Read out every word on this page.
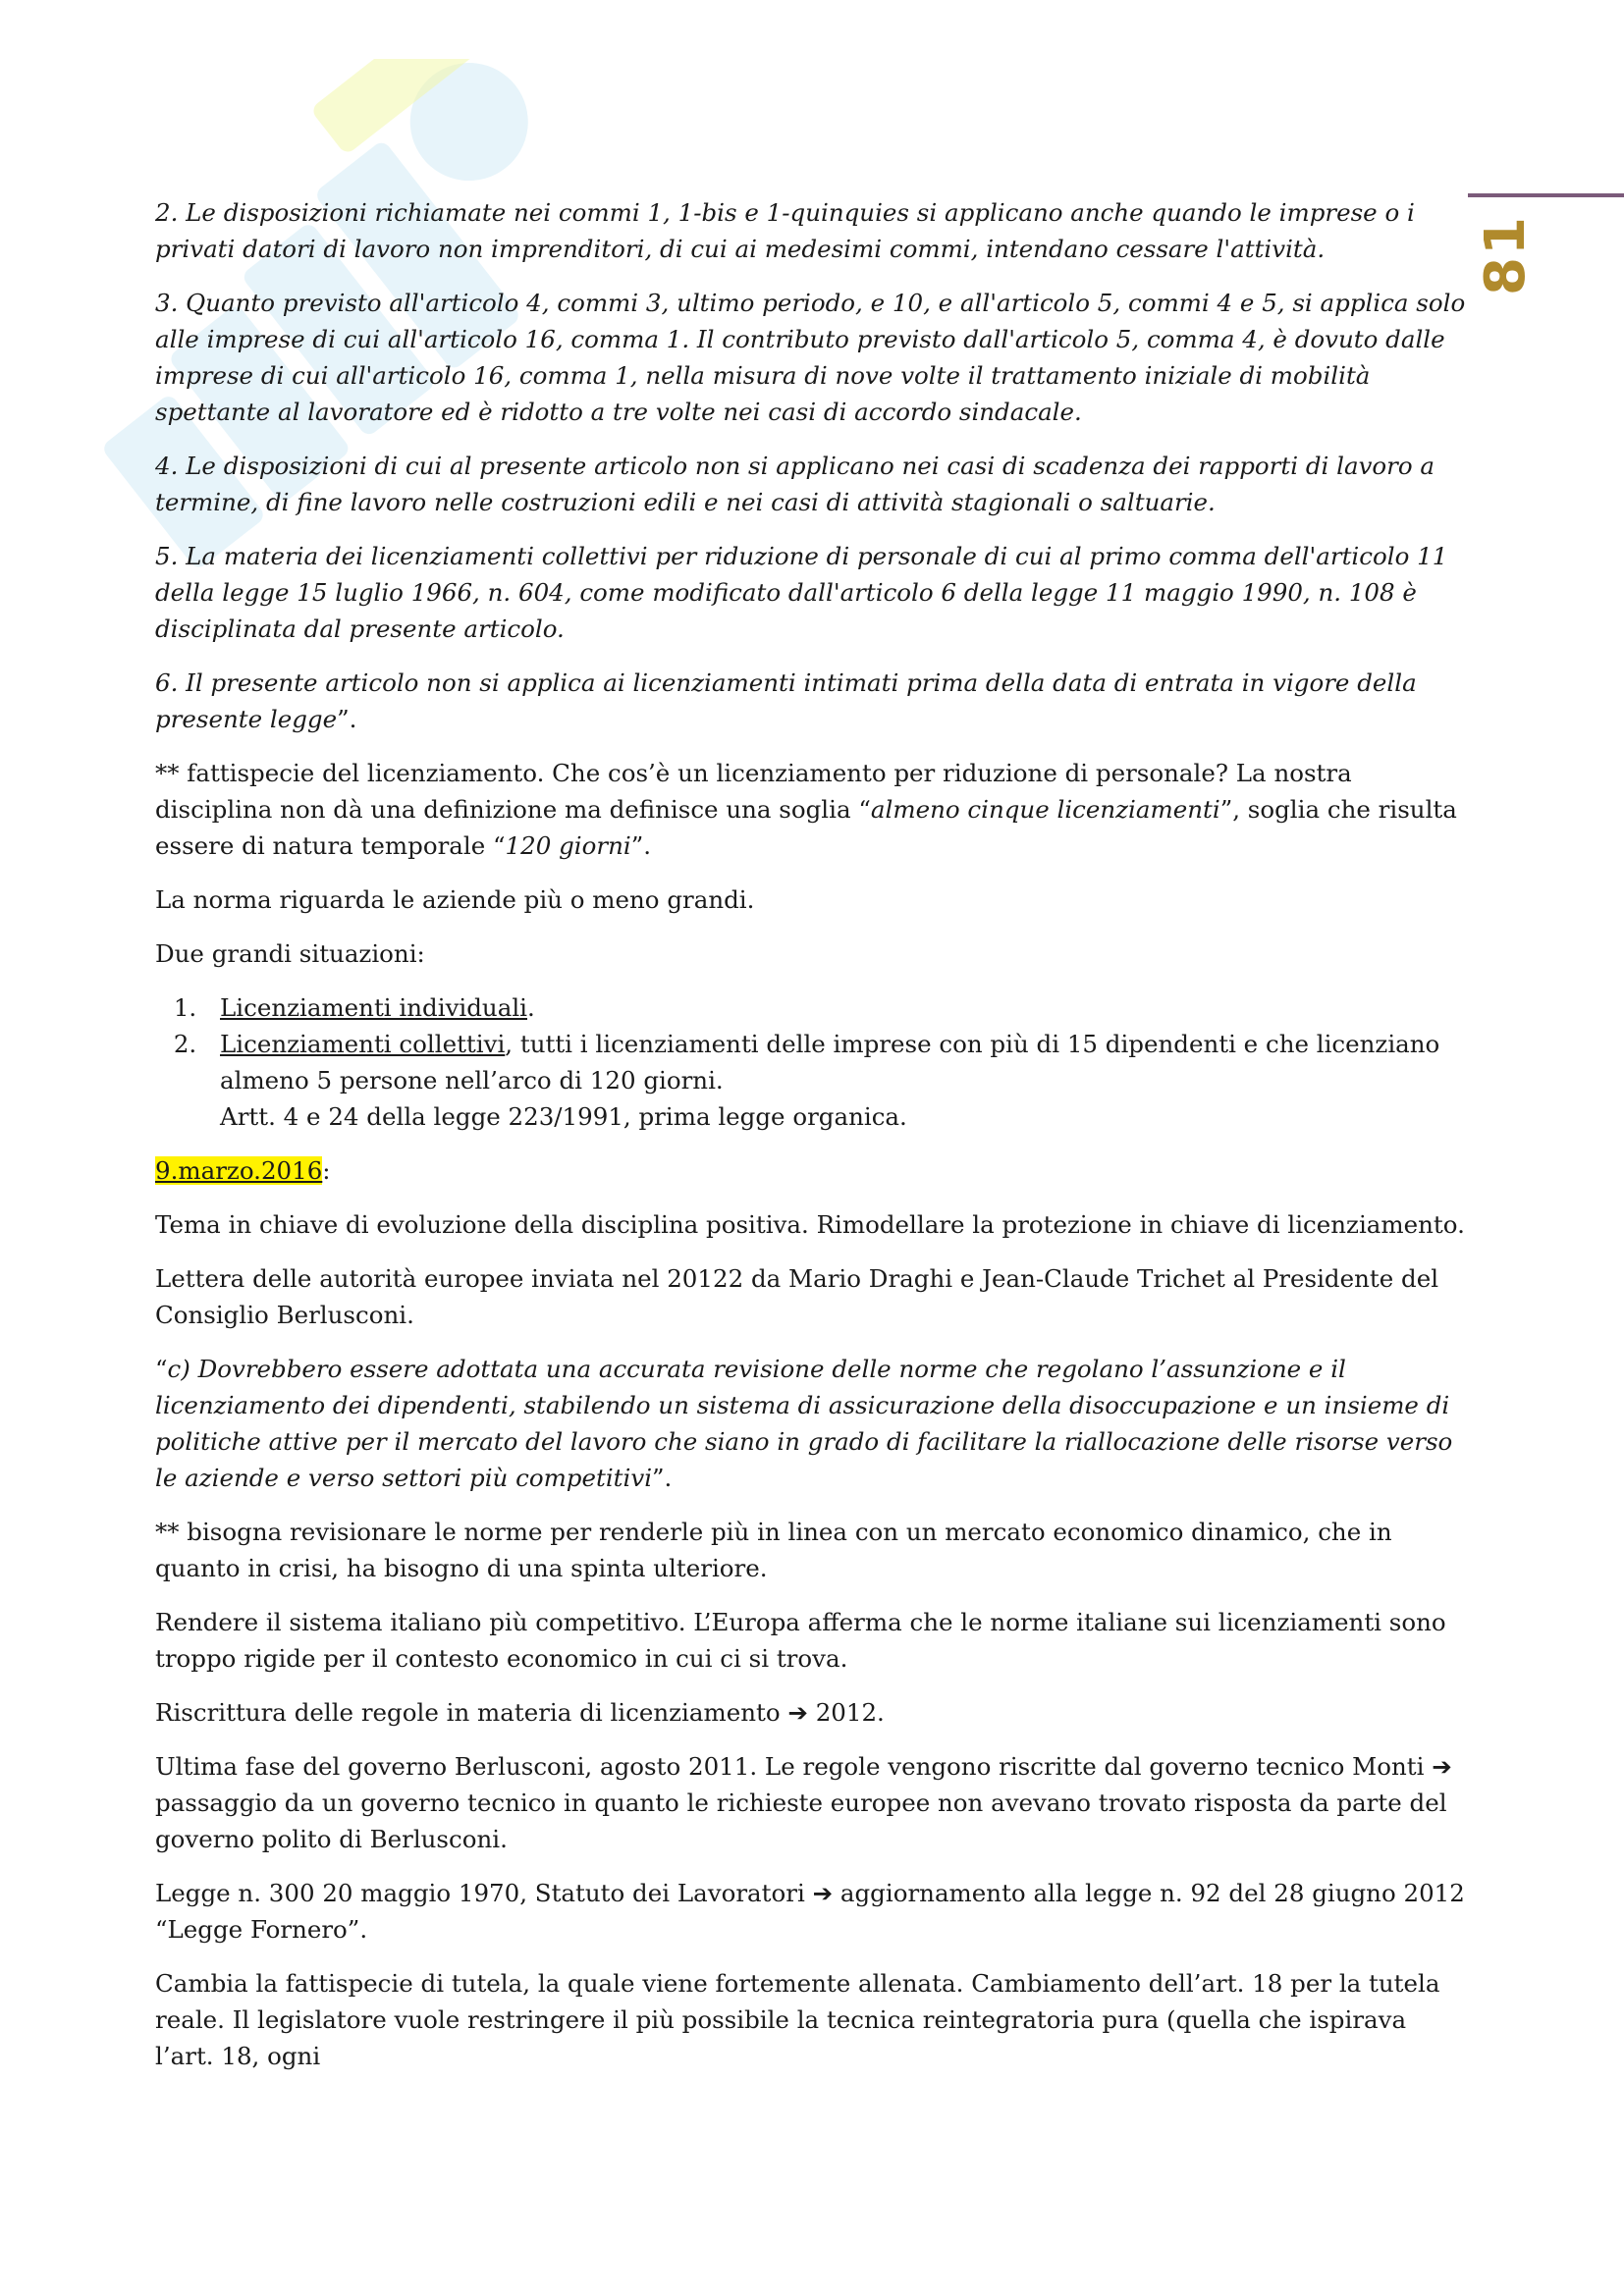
81

2. Le disposizioni richiamate nei commi 1, 1-bis e 1-quinquies si applicano anche quando le imprese o i privati datori di lavoro non imprenditori, di cui ai medesimi commi, intendano cessare l'attività.

3. Quanto previsto all'articolo 4, commi 3, ultimo periodo, e 10, e all'articolo 5, commi 4 e 5, si applica solo alle imprese di cui all'articolo 16, comma 1. Il contributo previsto dall'articolo 5, comma 4, è dovuto dalle imprese di cui all'articolo 16, comma 1, nella misura di nove volte il trattamento iniziale di mobilità spettante al lavoratore ed è ridotto a tre volte nei casi di accordo sindacale.

4. Le disposizioni di cui al presente articolo non si applicano nei casi di scadenza dei rapporti di lavoro a termine, di fine lavoro nelle costruzioni edili e nei casi di attività stagionali o saltuarie.

5. La materia dei licenziamenti collettivi per riduzione di personale di cui al primo comma dell'articolo 11 della legge 15 luglio 1966, n. 604, come modificato dall'articolo 6 della legge 11 maggio 1990, n. 108 è disciplinata dal presente articolo.

6. Il presente articolo non si applica ai licenziamenti intimati prima della data di entrata in vigore della presente legge”.

** fattispecie del licenziamento. Che cos’è un licenziamento per riduzione di personale? La nostra disciplina non dà una definizione ma definisce una soglia “almeno cinque licenziamenti”, soglia che risulta essere di natura temporale “120 giorni”.

La norma riguarda le aziende più o meno grandi.

Due grandi situazioni:

1. Licenziamenti individuali.
2. Licenziamenti collettivi, tutti i licenziamenti delle imprese con più di 15 dipendenti e che licenziano almeno 5 persone nell’arco di 120 giorni.
Artt. 4 e 24 della legge 223/1991, prima legge organica.

9.marzo.2016:

Tema in chiave di evoluzione della disciplina positiva. Rimodellare la protezione in chiave di licenziamento.

Lettera delle autorità europee inviata nel 20122 da Mario Draghi e Jean-Claude Trichet al Presidente del Consiglio Berlusconi.

“c) Dovrebbero essere adottata una accurata revisione delle norme che regolano l’assunzione e il licenziamento dei dipendenti, stabilendo un sistema di assicurazione della disoccupazione e un insieme di politiche attive per il mercato del lavoro che siano in grado di facilitare la riallocazione delle risorse verso le aziende e verso settori più competitivi”.

** bisogna revisionare le norme per renderle più in linea con un mercato economico dinamico, che in quanto in crisi, ha bisogno di una spinta ulteriore.

Rendere il sistema italiano più competitivo. L’Europa afferma che le norme italiane sui licenziamenti sono troppo rigide per il contesto economico in cui ci si trova.

Riscrittura delle regole in materia di licenziamento ➔ 2012.

Ultima fase del governo Berlusconi, agosto 2011. Le regole vengono riscritte dal governo tecnico Monti ➔ passaggio da un governo tecnico in quanto le richieste europee non avevano trovato risposta da parte del governo polito di Berlusconi.

Legge n. 300 20 maggio 1970, Statuto dei Lavoratori ➔ aggiornamento alla legge n. 92 del 28 giugno 2012 “Legge Fornero”.

Cambia la fattispecie di tutela, la quale viene fortemente allenata. Cambiamento dell’art. 18 per la tutela reale. Il legislatore vuole restringere il più possibile la tecnica reintegratoria pura (quella che ispirava l’art. 18, ogni
